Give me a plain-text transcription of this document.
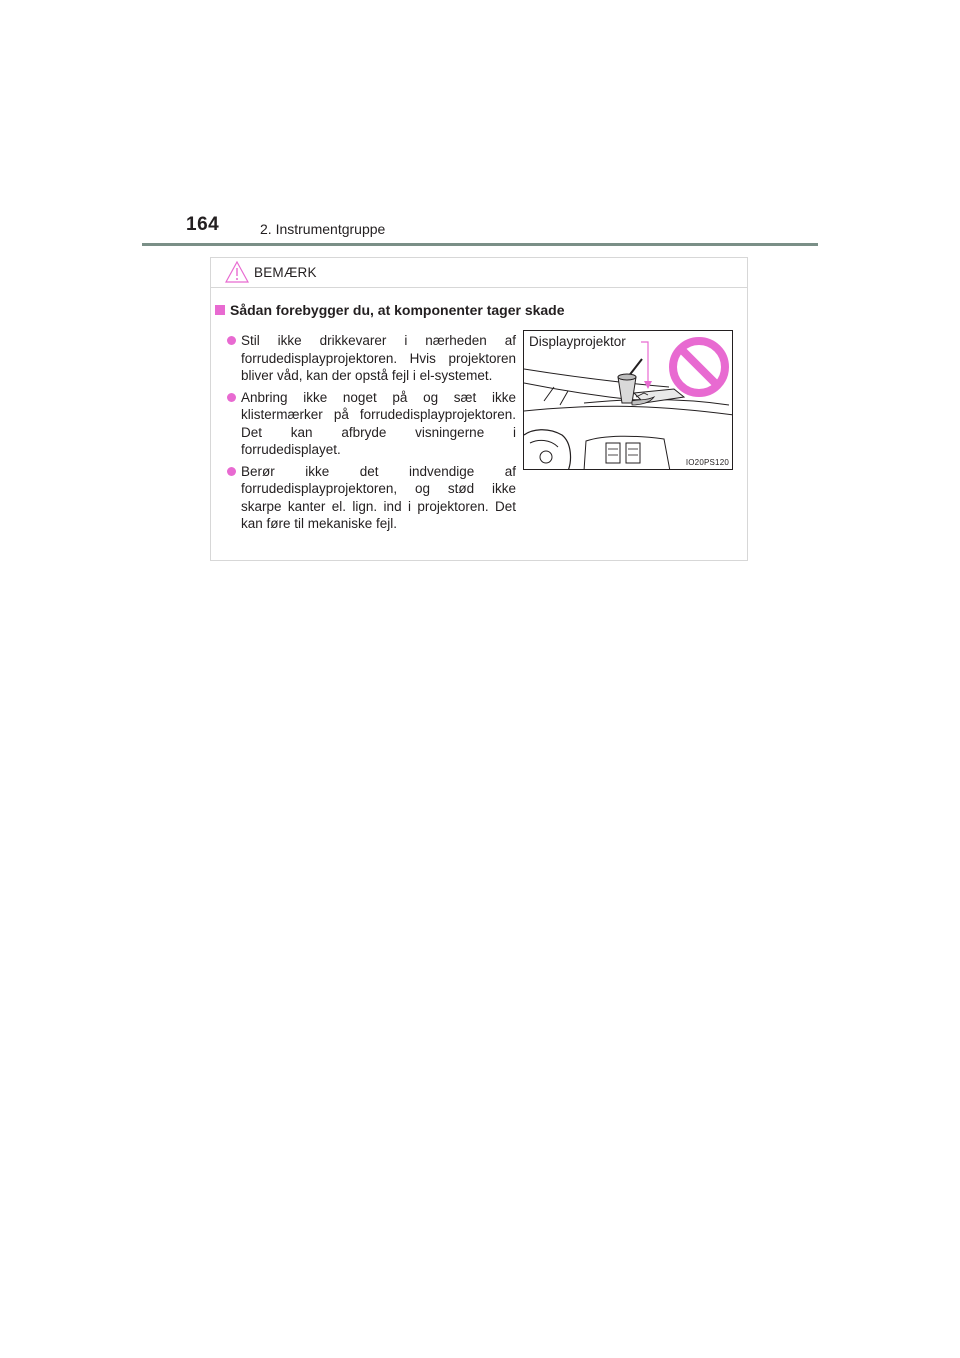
164	2. Instrumentgruppe
BEMÆRK
Sådan forebygger du, at komponenter tager skade
Stil ikke drikkevarer i nærheden af forrudedisplayprojektoren. Hvis projektoren bliver våd, kan der opstå fejl i el-systemet.
Anbring ikke noget på og sæt ikke klistermærker på forrudedisplayprojektoren. Det kan afbryde visningerne i forrudedisplayet.
Berør ikke det indvendige af forrudedisplayprojektoren, og stød ikke skarpe kanter el. lign. ind i projektoren. Det kan føre til mekaniske fejl.
Displayprojektor
IO20PS120
